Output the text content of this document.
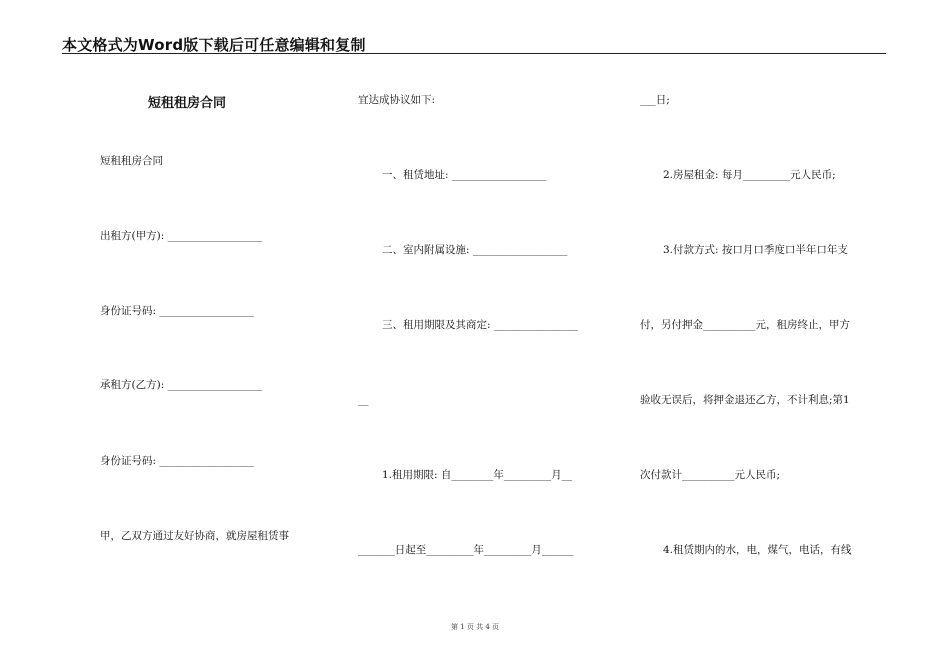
本文格式为Word版下载后可任意编辑和复制
短租租房合同
短租租房合同
出租方(甲方): __________________
身份证号码: __________________
承租方(乙方): __________________
身份证号码: __________________
甲，乙双方通过友好协商，就房屋租赁事
宜达成协议如下:
一、租赁地址: __________________
二、室内附属设施: __________________
三、租用期限及其商定: ________________
__
1.租用期限: 自________年_________月__
_______日起至_________年_________月______
___日;
2.房屋租金: 每月_________元人民币;
3.付款方式: 按口月口季度口半年口年支
付，另付押金__________元，租房终止，甲方
验收无误后，将押金退还乙方，不计利息;第1
次付款计__________元人民币;
4.租赁期内的水，电，煤气，电话，有线
第 1 页 共 4 页
